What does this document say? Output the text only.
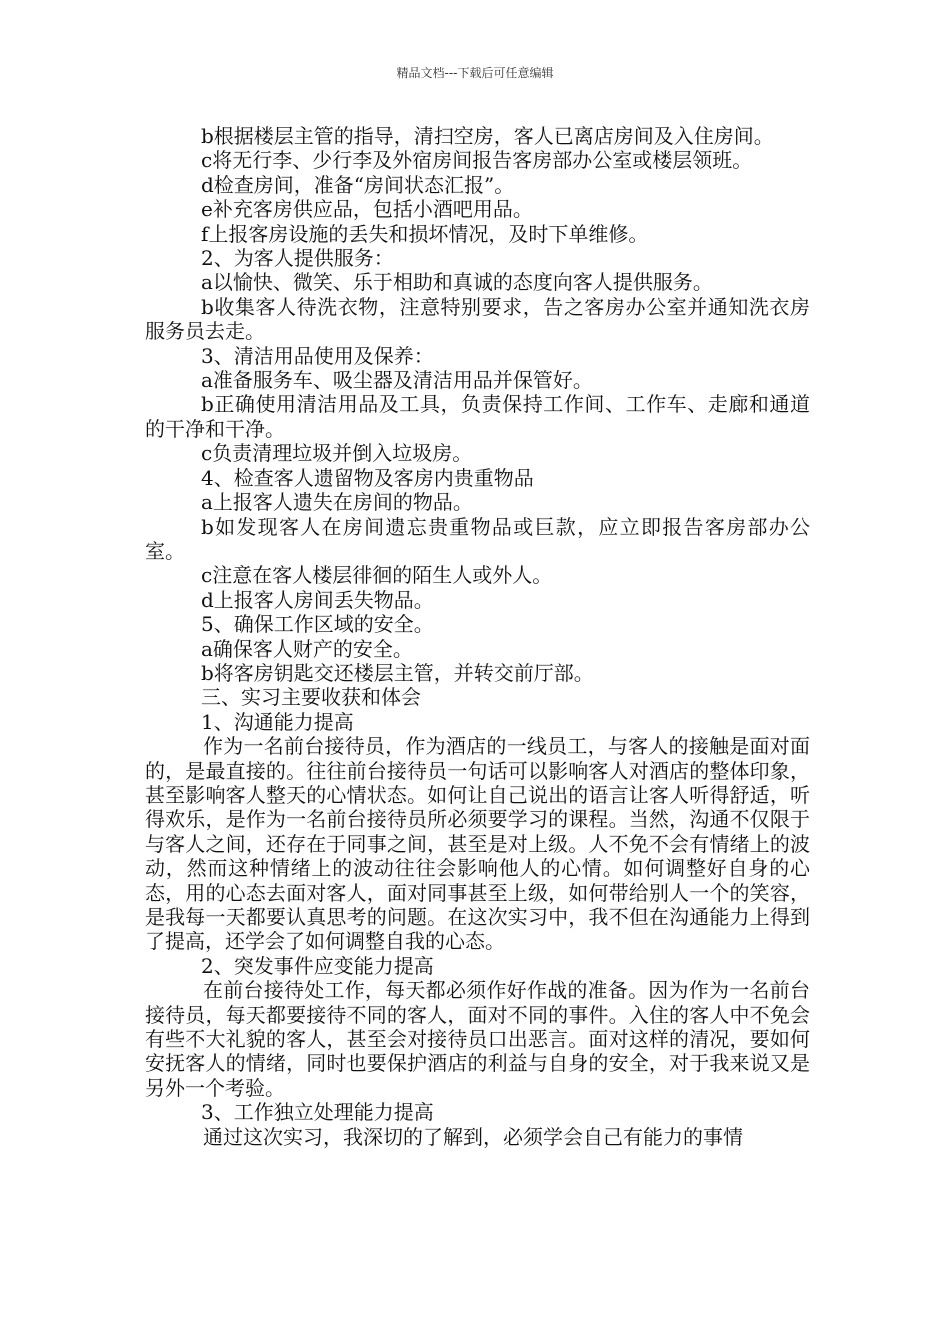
精品文档---下载后可任意编辑

b根据楼层主管的指导，清扫空房，客人已离店房间及入住房间。

c将无行李、少行李及外宿房间报告客房部办公室或楼层领班。

d检查房间，准备“房间状态汇报”。

e补充客房供应品，包括小酒吧用品。

f上报客房设施的丢失和损坏情况，及时下单维修。

2、为客人提供服务：

a以愉快、微笑、乐于相助和真诚的态度向客人提供服务。

b收集客人待洗衣物，注意特别要求，告之客房办公室并通知洗衣房服务员去走。

3、清洁用品使用及保养：

a准备服务车、吸尘器及清洁用品并保管好。

b正确使用清洁用品及工具，负责保持工作间、工作车、走廊和通道的干净和干净。

c负责清理垃圾并倒入垃圾房。

4、检查客人遗留物及客房内贵重物品

a上报客人遗失在房间的物品。

b如发现客人在房间遗忘贵重物品或巨款，应立即报告客房部办公室。

c注意在客人楼层徘徊的陌生人或外人。

d上报客人房间丢失物品。

5、确保工作区域的安全。

a确保客人财产的安全。

b将客房钥匙交还楼层主管，并转交前厅部。

三、实习主要收获和体会

1、沟通能力提高

作为一名前台接待员，作为酒店的一线员工，与客人的接触是面对面的，是最直接的。往往前台接待员一句话可以影响客人对酒店的整体印象，甚至影响客人整天的心情状态。如何让自己说出的语言让客人听得舒适，听得欢乐，是作为一名前台接待员所必须要学习的课程。当然，沟通不仅限于与客人之间，还存在于同事之间，甚至是对上级。人不免不会有情绪上的波动，然而这种情绪上的波动往往会影响他人的心情。如何调整好自身的心态，用的心态去面对客人，面对同事甚至上级，如何带给别人一个的笑容，是我每一天都要认真思考的问题。在这次实习中，我不但在沟通能力上得到了提高，还学会了如何调整自我的心态。

2、突发事件应变能力提高

在前台接待处工作，每天都必须作好作战的准备。因为作为一名前台接待员，每天都要接待不同的客人，面对不同的事件。入住的客人中不免会有些不大礼貌的客人，甚至会对接待员口出恶言。面对这样的清况，要如何安抚客人的情绪，同时也要保护酒店的利益与自身的安全，对于我来说又是另外一个考验。

3、工作独立处理能力提高

通过这次实习，我深切的了解到，必须学会自己有能力的事情
